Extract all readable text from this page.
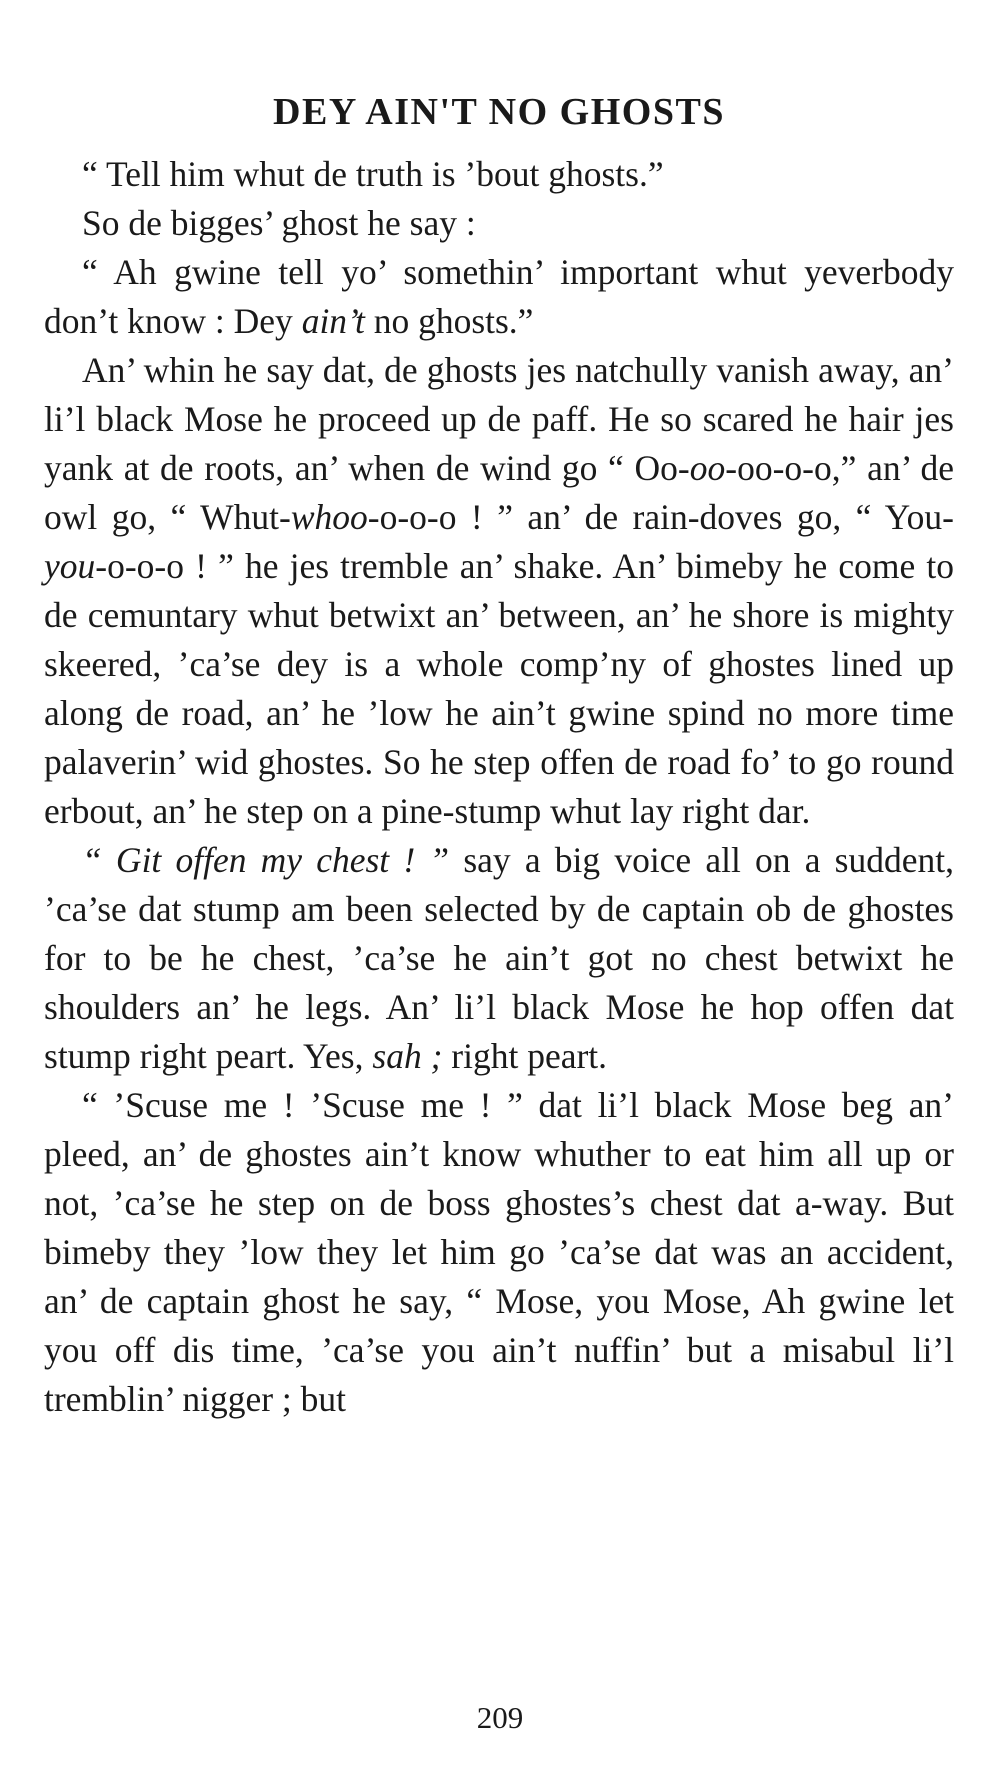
DEY AIN'T NO GHOSTS

“ Tell him whut de truth is ’bout ghosts.”

So de bigges’ ghost he say :

“ Ah gwine tell yo’ somethin’ important whut yeverbody don’t know : Dey ain’t no ghosts.”

An’ whin he say dat, de ghosts jes natchully vanish away, an’ li’l black Mose he proceed up de paff. He so scared he hair jes yank at de roots, an’ when de wind go “ Oo-oo-oo-o-o,” an’ de owl go, “ Whut-whoo-o-o-o ! ” an’ de rain-doves go, “ You-you-o-o-o ! ” he jes tremble an’ shake. An’ bimeby he come to de cemuntary whut betwixt an’ between, an’ he shore is mighty skeered, ’ca’se dey is a whole comp’ny of ghostes lined up along de road, an’ he ’low he ain’t gwine spind no more time palaverin’ wid ghostes. So he step offen de road fo’ to go round erbout, an’ he step on a pine-stump whut lay right dar.

“ Git offen my chest ! ” say a big voice all on a suddent, ’ca’se dat stump am been selected by de captain ob de ghostes for to be he chest, ’ca’se he ain’t got no chest betwixt he shoulders an’ he legs. An’ li’l black Mose he hop offen dat stump right peart. Yes, sah ; right peart.

“ ’Scuse me ! ’Scuse me ! ” dat li’l black Mose beg an’ pleed, an’ de ghostes ain’t know whuther to eat him all up or not, ’ca’se he step on de boss ghostes’s chest dat a-way. But bimeby they ’low they let him go ’ca’se dat was an accident, an’ de captain ghost he say, “ Mose, you Mose, Ah gwine let you off dis time, ’ca’se you ain’t nuffin’ but a misabul li’l tremblin’ nigger ; but

209
